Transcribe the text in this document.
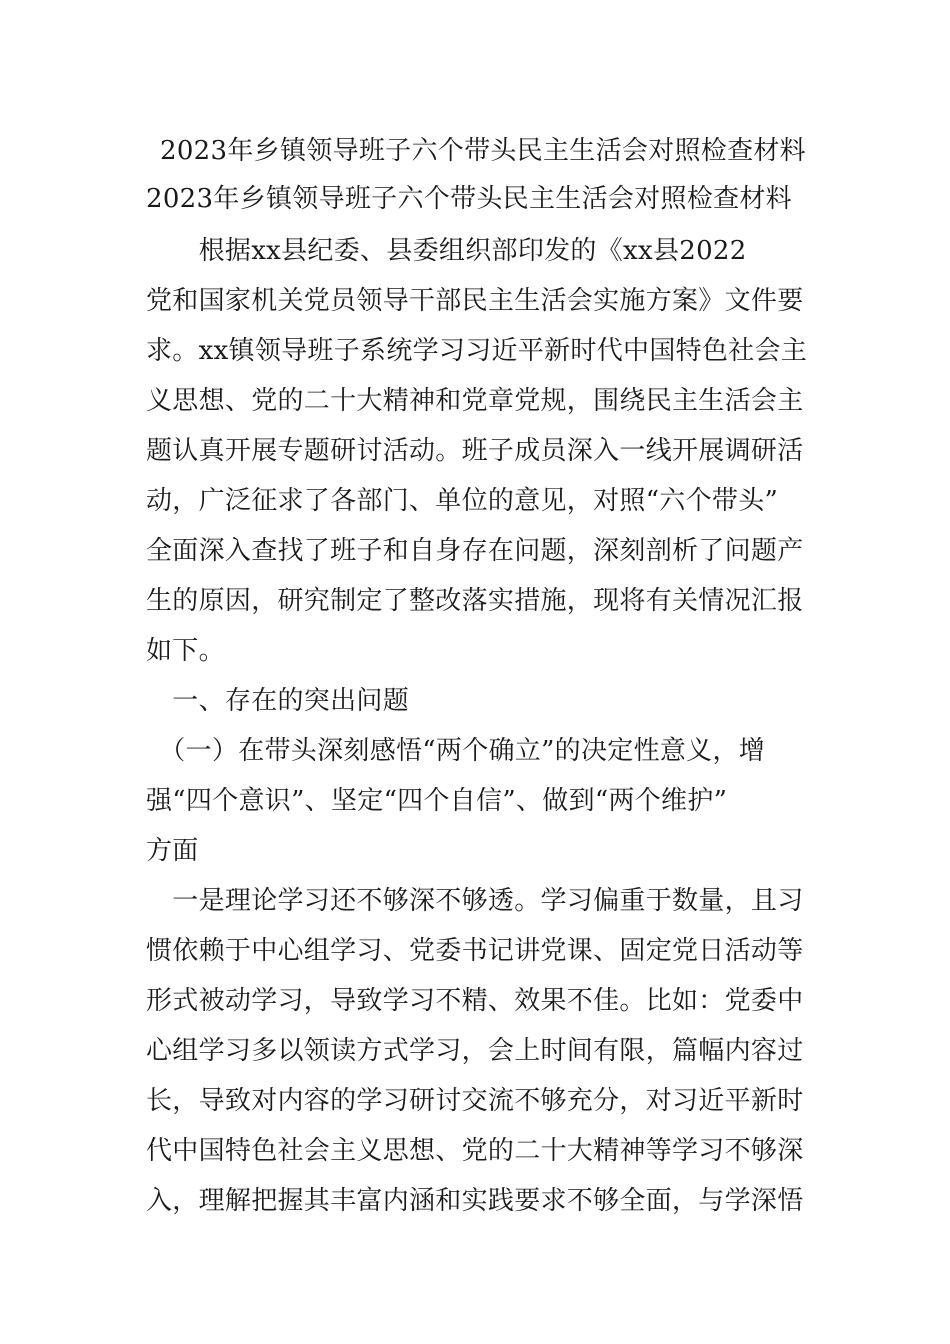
2023年乡镇领导班子六个带头民主生活会对照检查材料
2023年乡镇领导班子六个带头民主生活会对照检查材料
　　根据xx县纪委、县委组织部印发的《xx县2022
党和国家机关党员领导干部民主生活会实施方案》文件要
求。xx镇领导班子系统学习习近平新时代中国特色社会主
义思想、党的二十大精神和党章党规，围绕民主生活会主
题认真开展专题研讨活动。班子成员深入一线开展调研活
动，广泛征求了各部门、单位的意见，对照“六个带头”
全面深入查找了班子和自身存在问题，深刻剖析了问题产
生的原因，研究制定了整改落实措施，现将有关情况汇报
如下。
　一、存在的突出问题
　（一）在带头深刻感悟“两个确立”的决定性意义，增
强“四个意识”、坚定“四个自信”、做到“两个维护”
方面
　一是理论学习还不够深不够透。学习偏重于数量，且习
惯依赖于中心组学习、党委书记讲党课、固定党日活动等
形式被动学习，导致学习不精、效果不佳。比如：党委中
心组学习多以领读方式学习，会上时间有限，篇幅内容过
长，导致对内容的学习研讨交流不够充分，对习近平新时
代中国特色社会主义思想、党的二十大精神等学习不够深
入，理解把握其丰富内涵和实践要求不够全面，与学深悟
